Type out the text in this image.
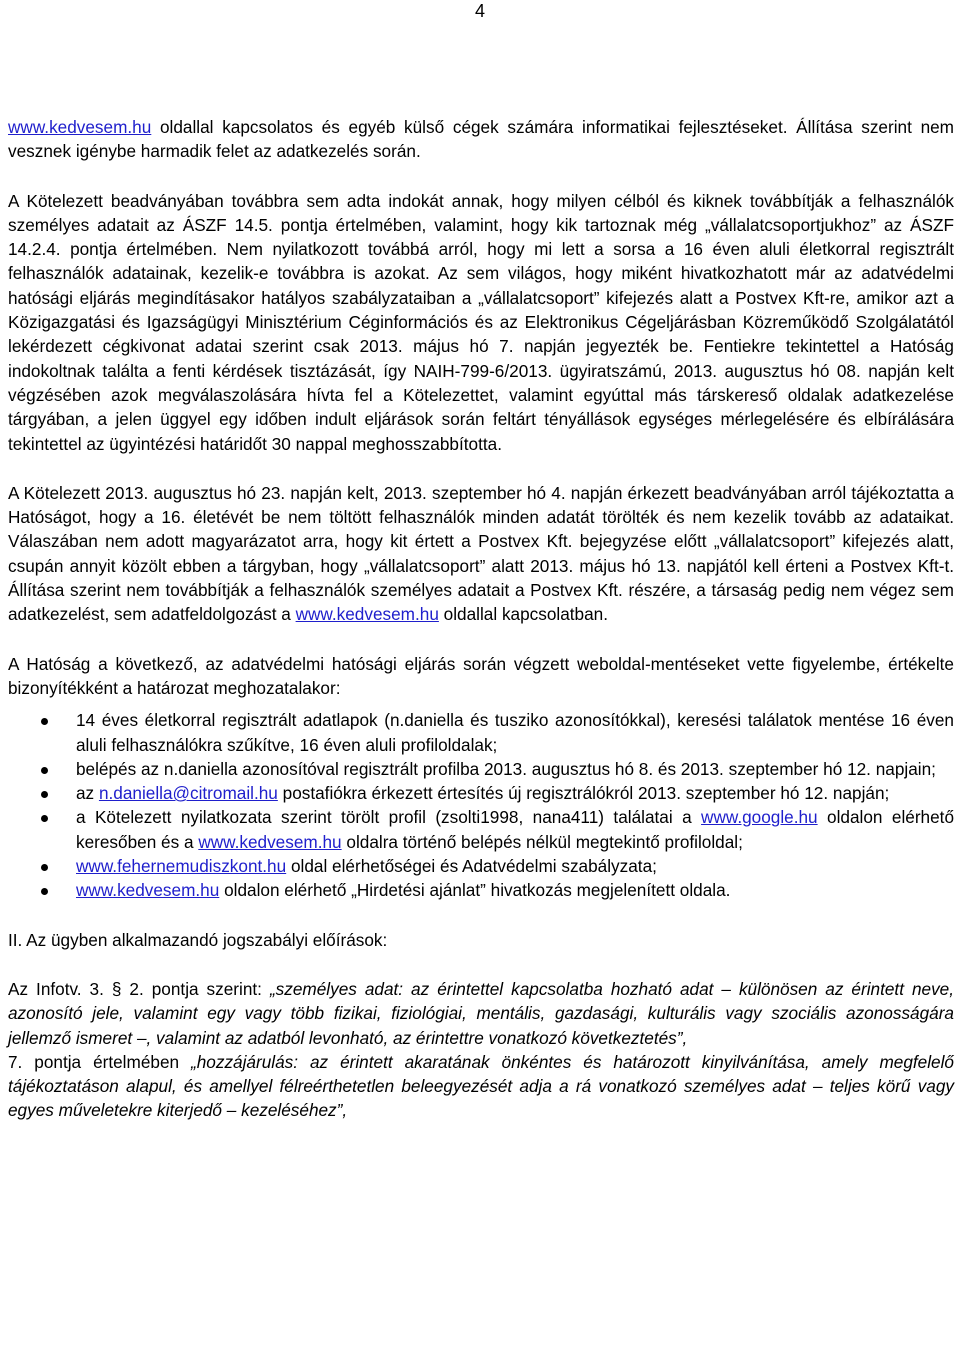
4

www.kedvesem.hu oldallal kapcsolatos és egyéb külső cégek számára informatikai fejlesztéseket. Állítása szerint nem vesznek igénybe harmadik felet az adatkezelés során.

A Kötelezett beadványában továbbra sem adta indokát annak, hogy milyen célból és kiknek továbbítják a felhasználók személyes adatait az ÁSZF 14.5. pontja értelmében, valamint, hogy kik tartoznak még „vállalatcsoportjukhoz” az ÁSZF 14.2.4. pontja értelmében. Nem nyilatkozott továbbá arról, hogy mi lett a sorsa a 16 éven aluli életkorral regisztrált felhasználók adatainak, kezelik-e továbbra is azokat. Az sem világos, hogy miként hivatkozhatott már az adatvédelmi hatósági eljárás megindításakor hatályos szabályzataiban a „vállalatcsoport” kifejezés alatt a Postvex Kft-re, amikor azt a Közigazgatási és Igazságügyi Minisztérium Céginformációs és az Elektronikus Cégeljárásban Közreműködő Szolgálatától lekérdezett cégkivonat adatai szerint csak 2013. május hó 7. napján jegyezték be. Fentiekre tekintettel a Hatóság indokoltnak találta a fenti kérdések tisztázását, így NAIH-799-6/2013. ügyiratszámú, 2013. augusztus hó 08. napján kelt végzésében azok megválaszolására hívta fel a Kötelezettet, valamint egyúttal más társkereső oldalak adatkezelése tárgyában, a jelen üggyel egy időben indult eljárások során feltárt tényállások egységes mérlegelésére és elbírálására tekintettel az ügyintézési határidőt 30 nappal meghosszabbította.

A Kötelezett 2013. augusztus hó 23. napján kelt, 2013. szeptember hó 4. napján érkezett beadványában arról tájékoztatta a Hatóságot, hogy a 16. életévét be nem töltött felhasználók minden adatát törölték és nem kezelik tovább az adataikat. Válaszában nem adott magyarázatot arra, hogy kit értett a Postvex Kft. bejegyzése előtt „vállalatcsoport” kifejezés alatt, csupán annyit közölt ebben a tárgyban, hogy „vállalatcsoport” alatt 2013. május hó 13. napjától kell érteni a Postvex Kft-t. Állítása szerint nem továbbítják a felhasználók személyes adatait a Postvex Kft. részére, a társaság pedig nem végez sem adatkezelést, sem adatfeldolgozást a www.kedvesem.hu oldallal kapcsolatban.

A Hatóság a következő, az adatvédelmi hatósági eljárás során végzett weboldal-mentéseket vette figyelembe, értékelte bizonyítékként a határozat meghozatalakor:

14 éves életkorral regisztrált adatlapok (n.daniella és tusziko azonosítókkal), keresési találatok mentése 16 éven aluli felhasználókra szűkítve, 16 éven aluli profiloldalak;
belépés az n.daniella azonosítóval regisztrált profilba 2013. augusztus hó 8. és 2013. szeptember hó 12. napjain;
az n.daniella@citromail.hu postafiókra érkezett értesítés új regisztrálókról 2013. szeptember hó 12. napján;
a Kötelezett nyilatkozata szerint törölt profil (zsolti1998, nana411) találatai a www.google.hu oldalon elérhető keresőben és a www.kedvesem.hu oldalra történő belépés nélkül megtekintő profiloldal;
www.fehernemudiszkont.hu oldal elérhetőségei és Adatvédelmi szabályzata;
www.kedvesem.hu oldalon elérhető „Hirdetési ajánlat” hivatkozás megjelenített oldala.

II. Az ügyben alkalmazandó jogszabályi előírások:

Az Infotv. 3. § 2. pontja szerint: „személyes adat: az érintettel kapcsolatba hozható adat – különösen az érintett neve, azonosító jele, valamint egy vagy több fizikai, fiziológiai, mentális, gazdasági, kulturális vagy szociális azonosságára jellemző ismeret –, valamint az adatból levonható, az érintettre vonatkozó következtetés”,
7. pontja értelmében „hozzájárulás: az érintett akaratának önkéntes és határozott kinyilvánítása, amely megfelelő tájékoztatáson alapul, és amellyel félreérthetetlen beleegyezését adja a rá vonatkozó személyes adat – teljes körű vagy egyes műveletekre kiterjedő – kezeléséhez”,
